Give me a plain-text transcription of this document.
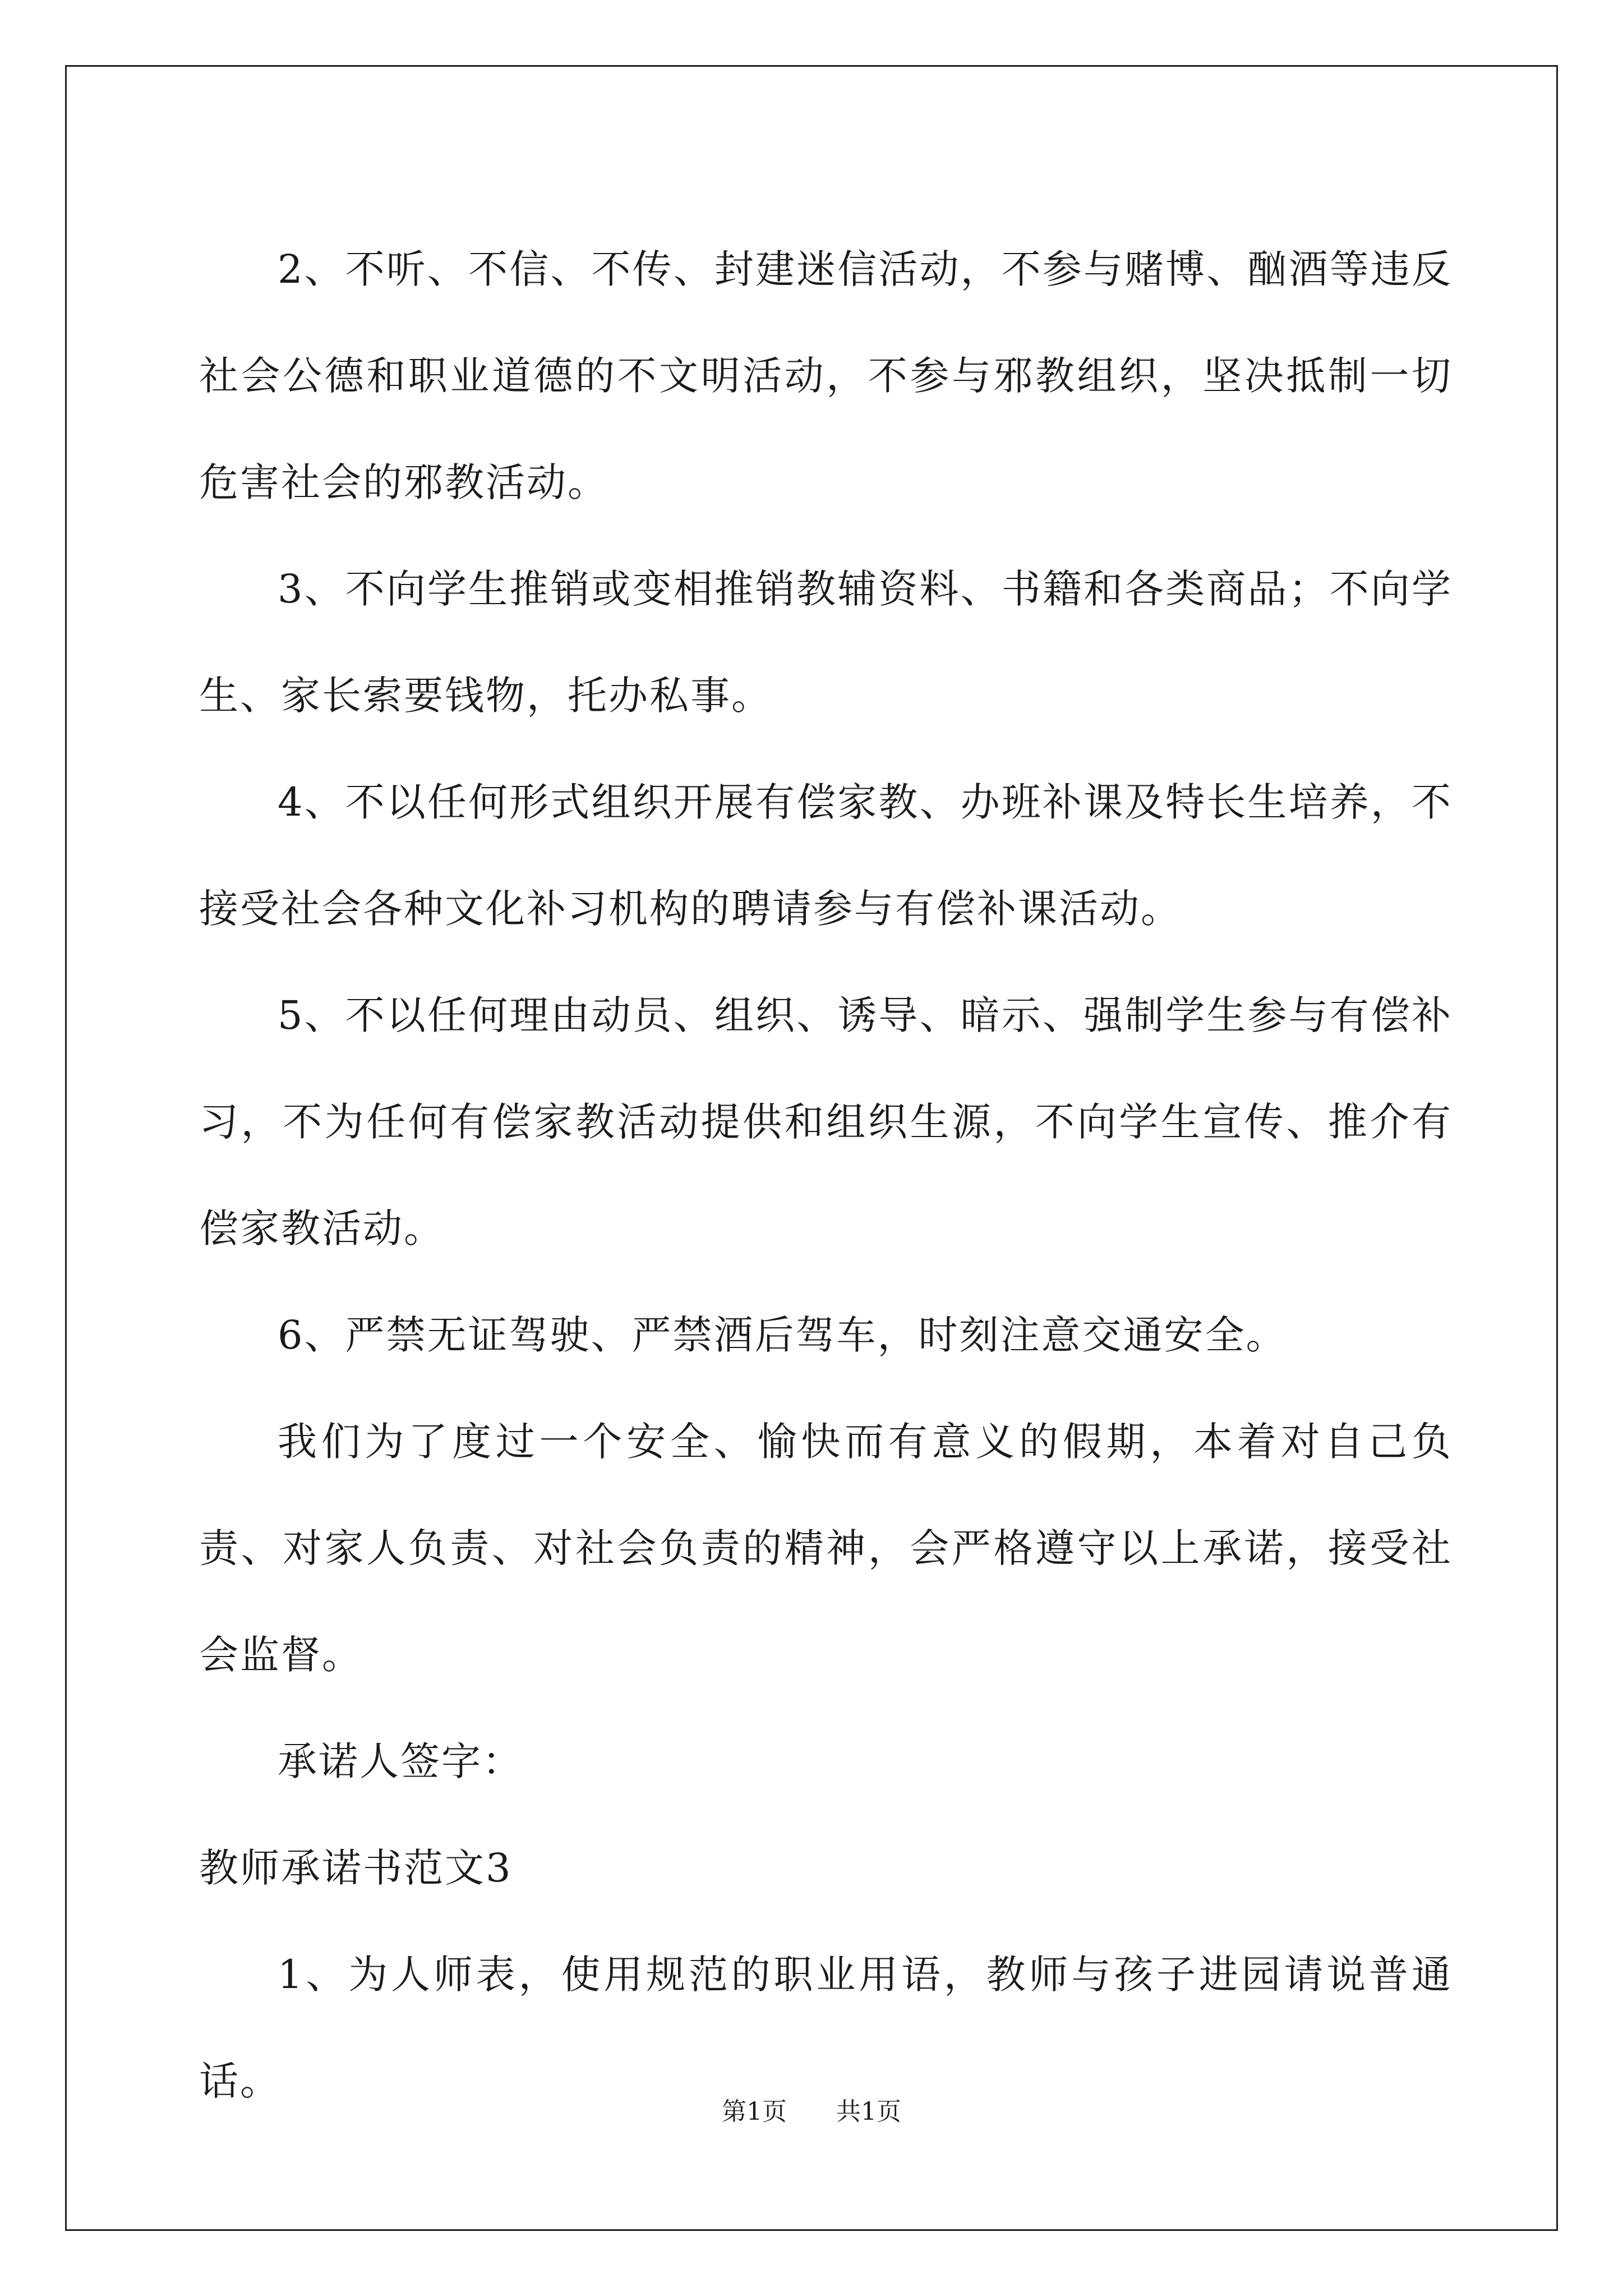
2、不听、不信、不传、封建迷信活动，不参与赌博、酗酒等违反社会公德和职业道德的不文明活动，不参与邪教组织，坚决抵制一切危害社会的邪教活动。

3、不向学生推销或变相推销教辅资料、书籍和各类商品；不向学生、家长索要钱物，托办私事。

4、不以任何形式组织开展有偿家教、办班补课及特长生培养，不接受社会各种文化补习机构的聘请参与有偿补课活动。

5、不以任何理由动员、组织、诱导、暗示、强制学生参与有偿补习，不为任何有偿家教活动提供和组织生源，不向学生宣传、推介有偿家教活动。

6、严禁无证驾驶、严禁酒后驾车，时刻注意交通安全。

我们为了度过一个安全、愉快而有意义的假期，本着对自己负责、对家人负责、对社会负责的精神，会严格遵守以上承诺，接受社会监督。

承诺人签字：

教师承诺书范文3

1、为人师表，使用规范的职业用语，教师与孩子进园请说普通话。

第1页 共1页
